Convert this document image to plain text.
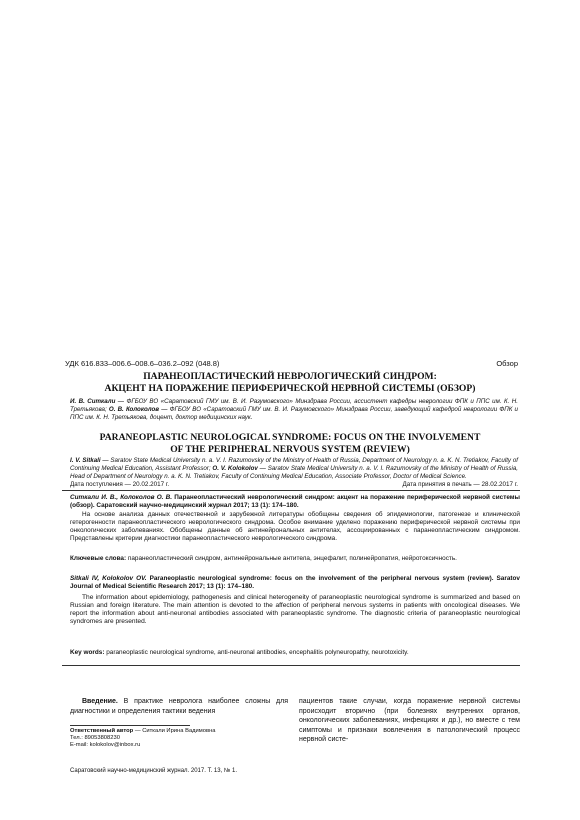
УДК 616.833–006.6–008.6–036.2–092 (048.8)	Обзор
ПАРАНЕОПЛАСТИЧЕСКИЙ НЕВРОЛОГИЧЕСКИЙ СИНДРОМ:
АКЦЕНТ НА ПОРАЖЕНИЕ ПЕРИФЕРИЧЕСКОЙ НЕРВНОЙ СИСТЕМЫ (ОБЗОР)
И. В. Ситкали — ФГБОУ ВО «Саратовский ГМУ им. В. И. Разумовского» Минздрава России, ассистент кафедры неврологии ФПК и ППС им. К. Н. Третьякова; О. В. Колоколов — ФГБОУ ВО «Саратовский ГМУ им. В. И. Разумовского» Минздрава России, заведующий кафедрой неврологии ФПК и ППС им. К. Н. Третьякова, доцент, доктор медицинских наук.
PARANEOPLASTIC NEUROLOGICAL SYNDROME: FOCUS ON THE INVOLVEMENT
OF THE PERIPHERAL NERVOUS SYSTEM (REVIEW)
I. V. Sitkali — Saratov State Medical University n. a. V. I. Razumovsky of the Ministry of Health of Russia, Department of Neurology n. a. K. N. Tretiakov, Faculty of Continuing Medical Education, Assistant Professor; O. V. Kolokolov — Saratov State Medical University n. a. V. I. Razumovsky of the Ministry of Health of Russia, Head of Department of Neurology n. a. K. N. Tretiakov, Faculty of Continuing Medical Education, Associate Professor, Doctor of Medical Science.
Дата поступления — 20.02.2017 г.	Дата принятия в печать — 28.02.2017 г.
Ситкали И. В., Колоколов О. В. Паранеопластический неврологический синдром: акцент на поражение периферической нервной системы (обзор). Саратовский научно-медицинский журнал 2017; 13 (1): 174–180.
На основе анализа данных отечественной и зарубежной литературы обобщены сведения об эпидемиологии, патогенезе и клинической гетерогенности паранеопластического неврологического синдрома. Особое внимание уделено поражению периферической нервной системы при онкологических заболеваниях. Обобщены данные об антинейрональных антителах, ассоциированных с паранеопластическим синдромом. Представлены критерии диагностики паранеопластического неврологического синдрома.
Ключевые слова: паранеопластический синдром, антинейрональные антитела, энцефалит, полинейропатия, нейротоксичность.
Sitkali IV, Kolokolov OV. Paraneoplastic neurological syndrome: focus on the involvement of the peripheral nervous system (review). Saratov Journal of Medical Scientific Research 2017; 13 (1): 174–180.
The information about epidemiology, pathogenesis and clinical heterogeneity of paraneoplastic neurological syndrome is summarized and based on Russian and foreign literature. The main attention is devoted to the affection of peripheral nervous systems in patients with oncological diseases. We report the information about anti-neuronal antibodies associated with paraneoplastic syndrome. The diagnostic criteria of paraneoplastic neurological syndromes are presented.
Key words: paraneoplastic neurological syndrome, anti-neuronal antibodies, encephalitis polyneuropathy, neurotoxicity.
Введение. В практике невролога наиболее сложны для диагностики и определения тактики ведения
пациентов такие случаи, когда поражение нервной системы происходит вторично (при болезнях внутренних органов, онкологических заболеваниях, инфекциях и др.), но вместе с тем симптомы и признаки вовлечения в патологический процесс нервной систе-
Ответственный автор — Ситкали Ирина Вадимовна
Тел.: 89053808230
E-mail: kolokolov@inbox.ru
Саратовский научно-медицинский журнал. 2017. Т. 13, № 1.
